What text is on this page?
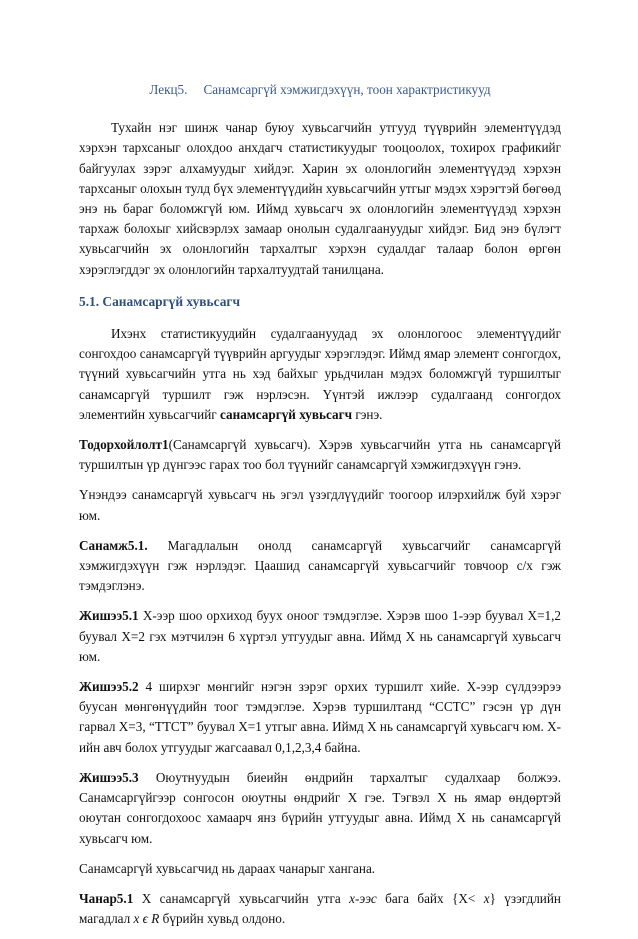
Лекц5. Санамсаргүй хэмжигдэхүүн, тоон характристикууд

Тухайн нэг шинж чанар буюу хувьсагчийн утгууд түүврийн элементүүдэд хэрхэн тархсаныг олохдоо анхдагч статистикуудыг тооцоолох, тохирох графикийг байгуулах зэрэг алхамуудыг хийдэг. Харин эх олонлогийн элементүүдэд хэрхэн тархсаныг олохын тулд бүх элементүүдийн хувьсагчийн утгыг мэдэх хэрэгтэй бөгөөд энэ нь бараг боломжгүй юм. Иймд хувьсагч эх олонлогийн элементүүдэд хэрхэн тархаж болохыг хийсвэрлэх замаар онолын судалгаануудыг хийдэг. Бид энэ бүлэгт хувьсагчийн эх олонлогийн тархалтыг хэрхэн судалдаг талаар болон өргөн хэрэглэгддэг эх олонлогийн тархалтуудтай танилцана.

5.1. Санамсаргүй хувьсагч

Ихэнх статистикуудийн судалгаануудад эх олонлогоос элементүүдийг сонгохдоо санамсаргүй түүврийн аргуудыг хэрэглэдэг. Иймд ямар элемент сонгогдох, түүний хувьсагчийн утга нь хэд байхыг урьдчилан мэдэх боломжгүй туршилтыг санамсаргүй туршилт гэж нэрлэсэн. Үүнтэй ижлээр судалгаанд сонгогдох элементийн хувьсагчийг санамсаргүй хувьсагч гэнэ.

Тодорхойлолт1(Санамсаргүй хувьсагч). Хэрэв хувьсагчийн утга нь санамсаргүй туршилтын үр дүнгээс гарах тоо бол түүнийг санамсаргүй хэмжигдэхүүн гэнэ.

Үнэндээ санамсаргүй хувьсагч нь эгэл үзэгдлүүдийг тоогоор илэрхийлж буй хэрэг юм.

Санамж5.1. Магадлалын онолд санамсаргүй хувьсагчийг санамсаргүй хэмжигдэхүүн гэж нэрлэдэг. Цаашид санамсаргүй хувьсагчийг товчоор с/х гэж тэмдэглэнэ.

Жишээ5.1 Х-ээр шоо орхиход буух оноог тэмдэглэе. Хэрэв шоо 1-ээр буувал Х=1,2 буувал Х=2 гэх мэтчилэн 6 хүртэл утгуудыг авна. Иймд Х нь санамсаргүй хувьсагч юм.

Жишээ5.2 4 ширхэг мөнгийг нэгэн зэрэг орхих туршилт хийе. Х-ээр сүлдээрээ буусан мөнгөнүүдийн тоог тэмдэглэе. Хэрэв туршилтанд “ССТС” гэсэн үр дүн гарвал Х=3, “ТТСТ” буувал Х=1 утгыг авна. Иймд Х нь санамсаргүй хувьсагч юм. Х-ийн авч болох утгуудыг жагсаавал 0,1,2,3,4 байна.

Жишээ5.3 Оюутнуудын биеийн өндрийн тархалтыг судалхаар болжээ. Санамсаргүйгээр сонгосон оюутны өндрийг Х гэе. Тэгвэл Х нь ямар өндөртэй оюутан сонгогдохоос хамаарч янз бүрийн утгуудыг авна. Иймд Х нь санамсаргүй хувьсагч юм.

Санамсаргүй хувьсагчид нь дараах чанарыг хангана.

Чанар5.1 Х санамсаргүй хувьсагчийн утга x-ээс бага байх {X< x} үзэгдлийн магадлал x ϵ R бүрийн хувьд олдоно.
